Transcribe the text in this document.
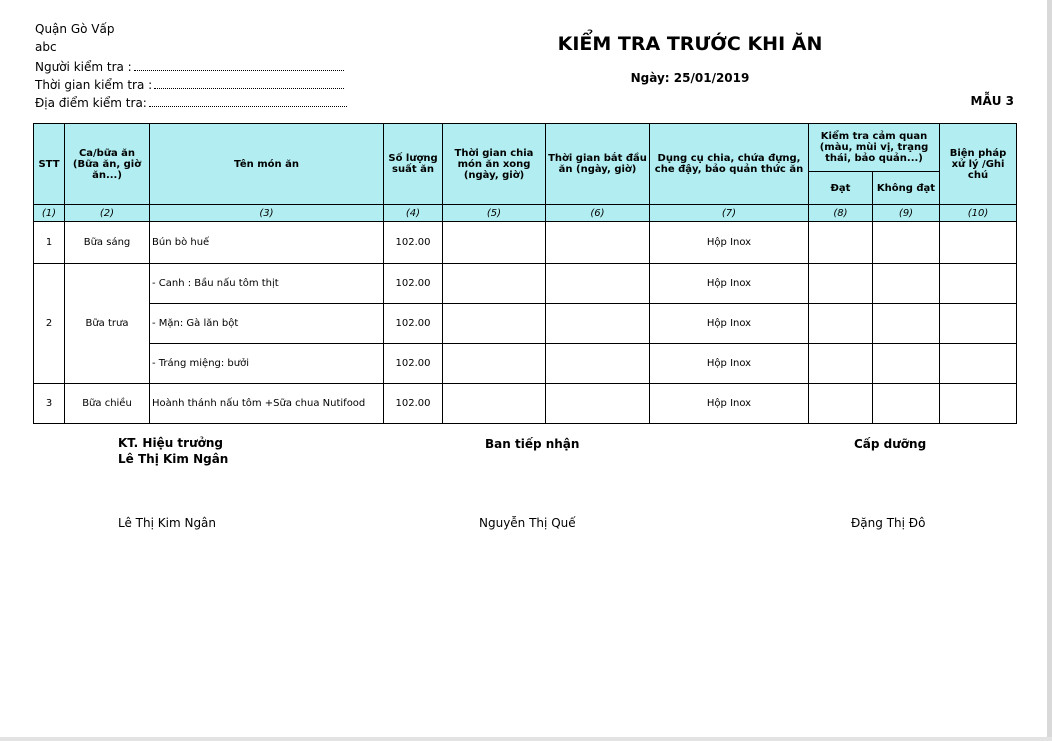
Quận Gò Vấp
abc
Người kiểm tra :
Thời gian kiểm tra :
Địa điểm kiểm tra:
KIỂM TRA TRƯỚC KHI ĂN
Ngày: 25/01/2019
MẪU 3
STT	Ca/bữa ăn (Bữa ăn, giờ ăn...)	Tên món ăn	Số lượng suất ăn	Thời gian chia món ăn xong (ngày, giờ)	Thời gian bắt đầu ăn (ngày, giờ)	Dụng cụ chia, chứa đựng, che đậy, bảo quản thức ăn	Kiểm tra cảm quan (màu, mùi vị, trạng thái, bảo quản...)		Biện pháp xử lý /Ghi chú
							Đạt	Không đạt	
(1)	(2)	(3)	(4)	(5)	(6)	(7)	(8)	(9)	(10)
1	Bữa sáng	Bún bò huế	102.00			Hộp Inox			
2	Bữa trưa	- Canh : Bầu nấu tôm thịt	102.00			Hộp Inox			
		- Mặn: Gà lăn bột	102.00			Hộp Inox			
		- Tráng miệng: bưởi	102.00			Hộp Inox			
3	Bữa chiều	Hoành thánh nấu tôm +Sữa chua Nutifood	102.00			Hộp Inox			
KT. Hiệu trưởng
Lê Thị Kim Ngân
Ban tiếp nhận	Cấp dưỡng
Lê Thị Kim Ngân	Nguyễn Thị Quế	Đặng Thị Đô
